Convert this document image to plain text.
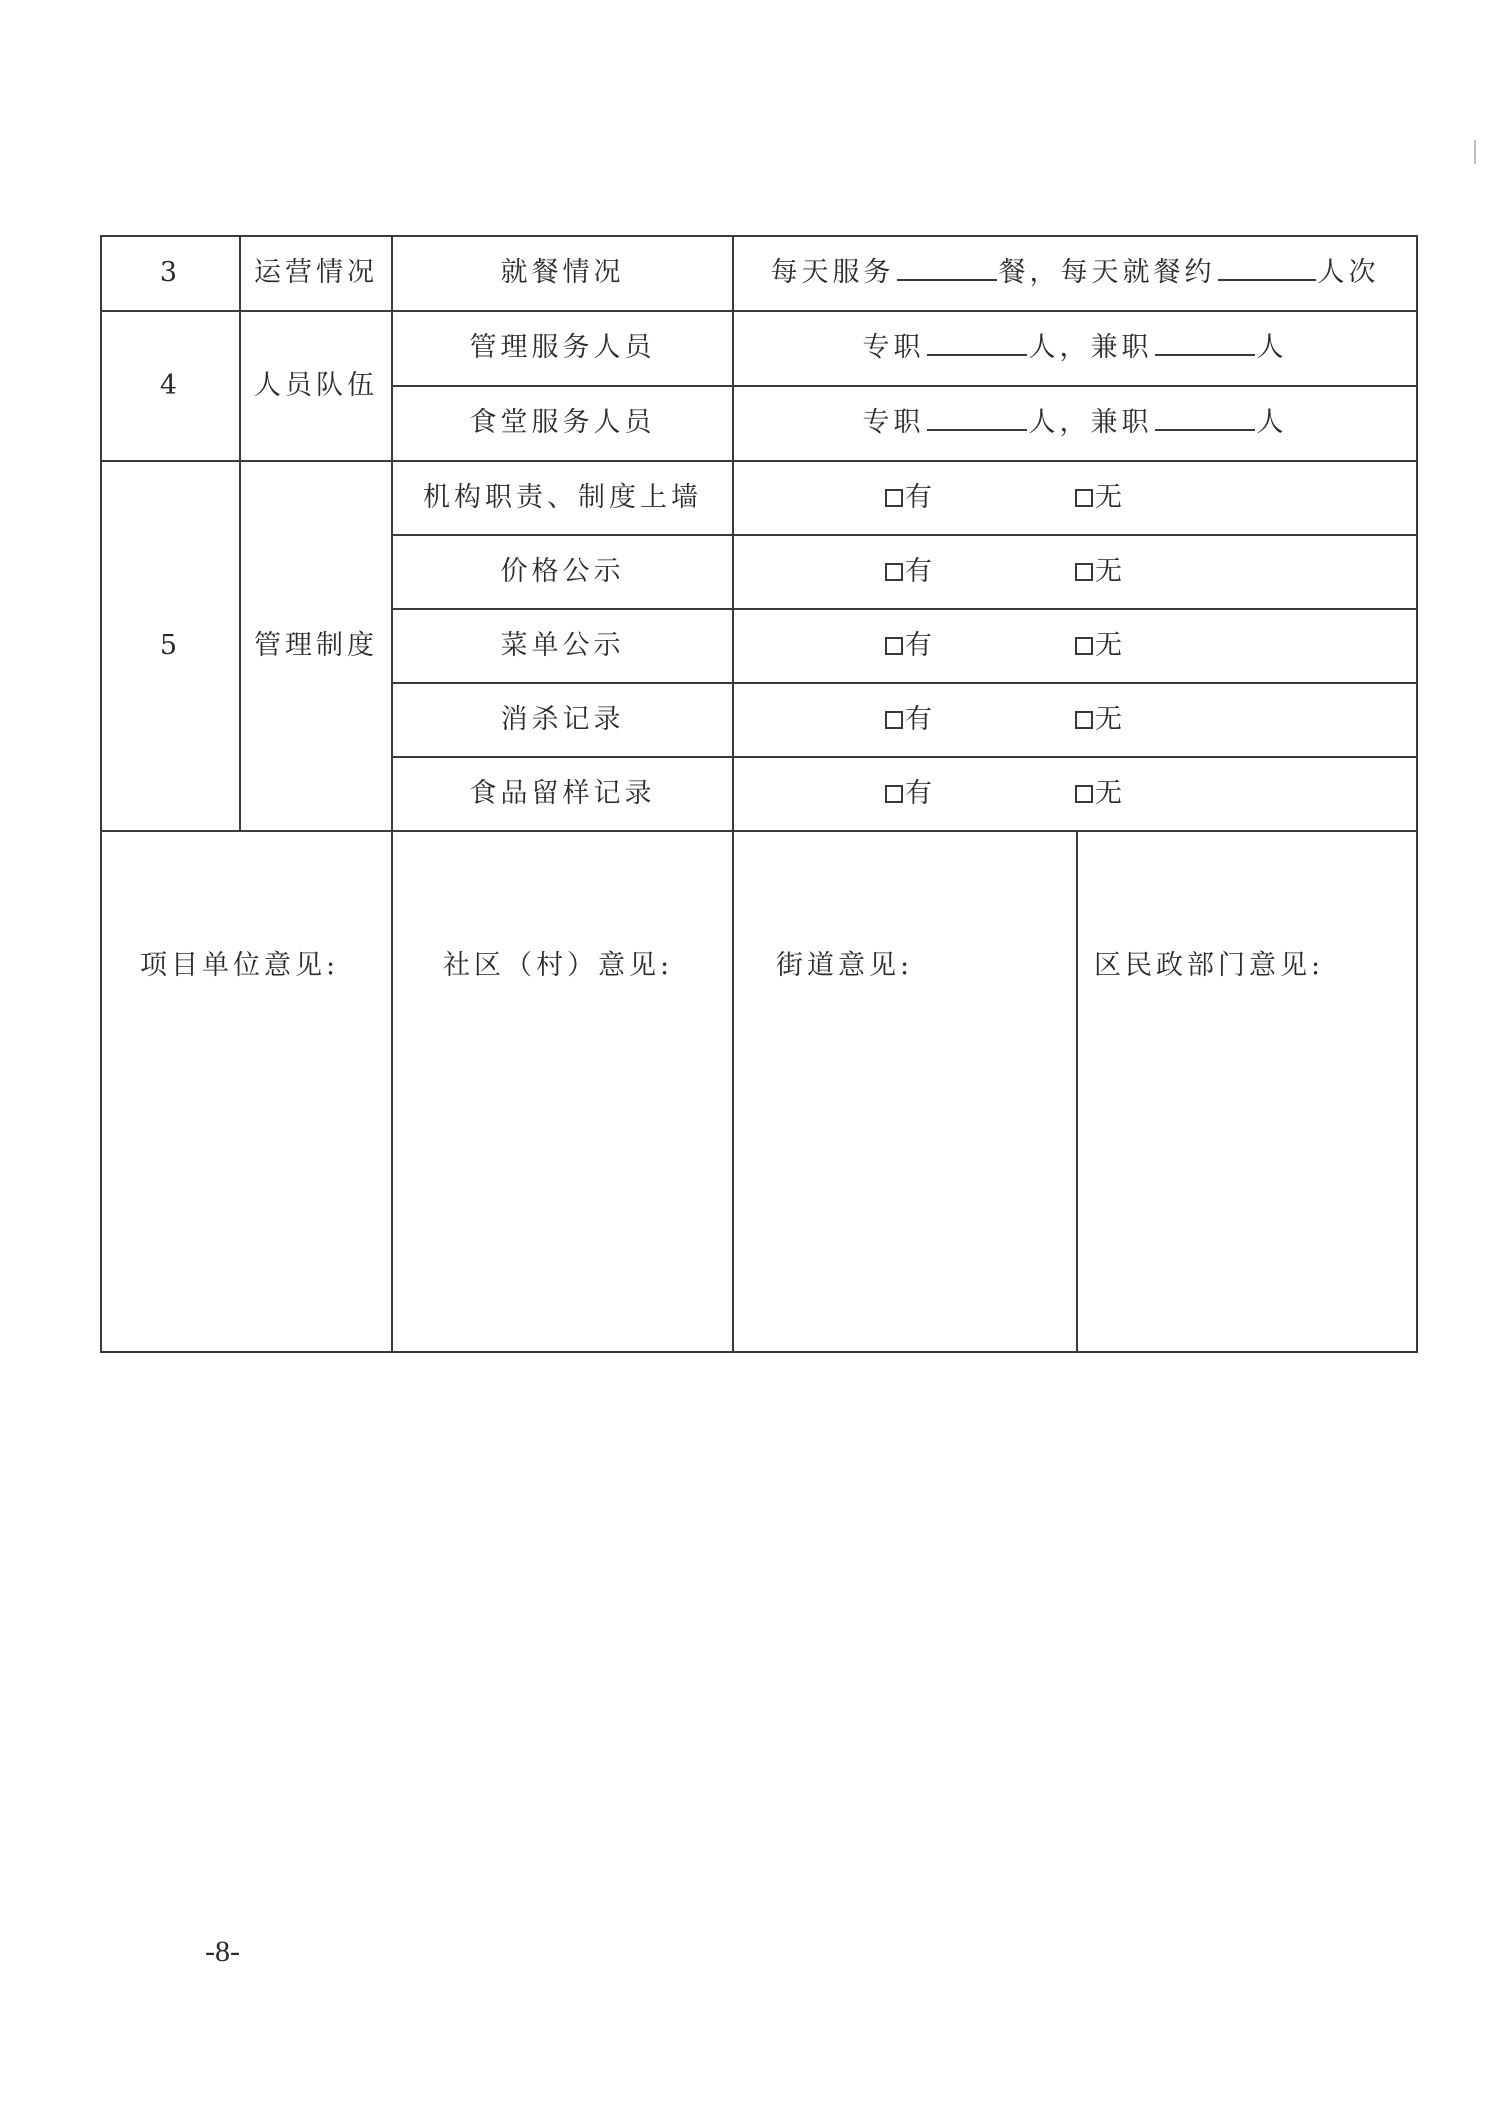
3	运营情况	就餐情况	每天服务 餐，每天就餐约 人次	
4	人员队伍	管理服务人员	专职 人，兼职 人	
		食堂服务人员	专职 人，兼职 人	
5	管理制度	机构职责、制度上墙	有 无	
		价格公示	有 无	
		菜单公示	有 无	
		消杀记录	有 无	
		食品留样记录	有 无	

项目单位意见:		社区（村）意见:	街道意见:	区民政部门意见:
-8-
